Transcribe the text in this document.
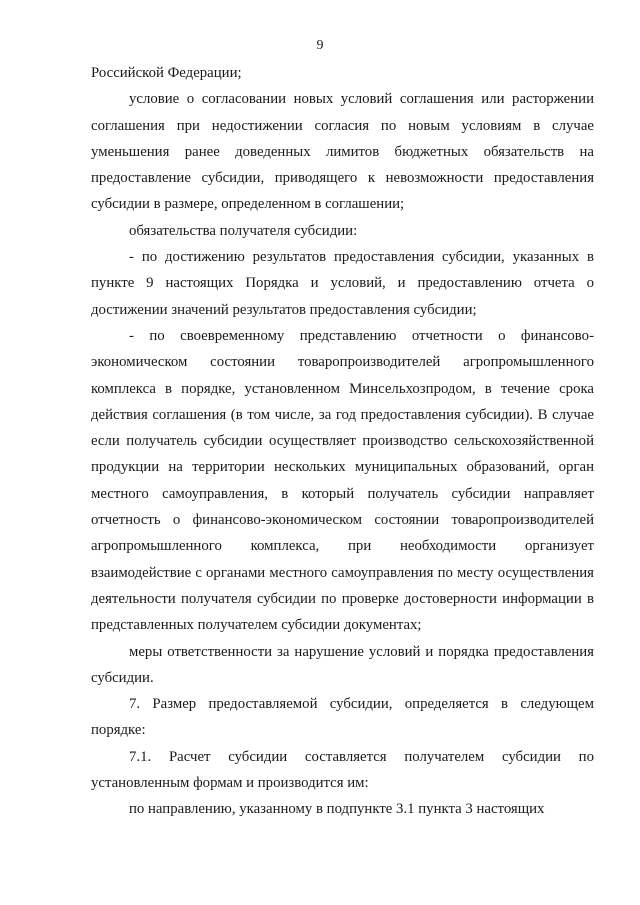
9

Российской Федерации;

условие о согласовании новых условий соглашения или расторжении соглашения при недостижении согласия по новым условиям в случае уменьшения ранее доведенных лимитов бюджетных обязательств на предоставление субсидии, приводящего к невозможности предоставления субсидии в размере, определенном в соглашении;

обязательства получателя субсидии:

- по достижению результатов предоставления субсидии, указанных в пункте 9 настоящих Порядка и условий, и предоставлению отчета о достижении значений результатов предоставления субсидии;

- по своевременному представлению отчетности о финансово-экономическом состоянии товаропроизводителей агропромышленного комплекса в порядке, установленном Минсельхозпродом, в течение срока действия соглашения (в том числе, за год предоставления субсидии). В случае если получатель субсидии осуществляет производство сельскохозяйственной продукции на территории нескольких муниципальных образований, орган местного самоуправления, в который получатель субсидии направляет отчетность о финансово-экономическом состоянии товаропроизводителей агропромышленного комплекса, при необходимости организует взаимодействие с органами местного самоуправления по месту осуществления деятельности получателя субсидии по проверке достоверности информации в представленных получателем субсидии документах;

меры ответственности за нарушение условий и порядка предоставления субсидии.

7. Размер предоставляемой субсидии, определяется в следующем порядке:

7.1. Расчет субсидии составляется получателем субсидии по установленным формам и производится им:

по направлению, указанному в подпункте 3.1 пункта 3 настоящих
